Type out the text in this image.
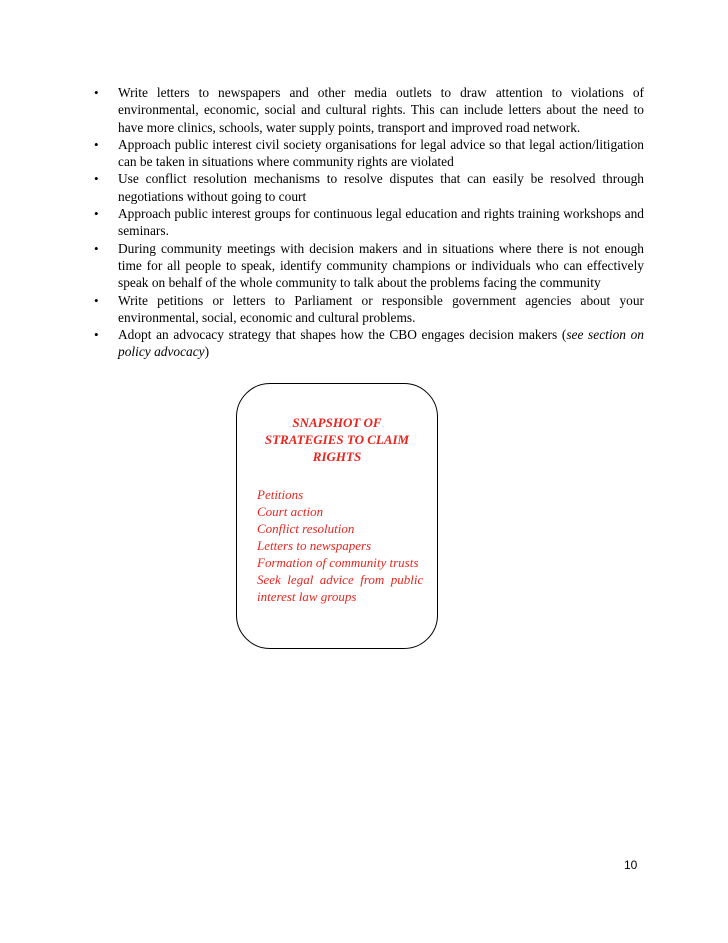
•	Write letters to newspapers and other media outlets to draw attention to violations of environmental, economic, social and cultural rights. This can include letters about the need to have more clinics, schools, water supply points, transport and improved road network.
•	Approach public interest civil society organisations for legal advice so that legal action/litigation can be taken in situations where community rights are violated
•	Use conflict resolution mechanisms to resolve disputes that can easily be resolved through negotiations without going to court
•	Approach public interest groups for continuous legal education and rights training workshops and seminars.
•	During community meetings with decision makers and in situations where there is not enough time for all people to speak, identify community champions or individuals who can effectively speak on behalf of the whole community to talk about the problems facing the community
•	Write petitions or letters to Parliament or responsible government agencies about your environmental, social, economic and cultural problems.
•	Adopt an advocacy strategy that shapes how the CBO engages decision makers (see section on policy advocacy)
SNAPSHOT OF
STRATEGIES TO CLAIM
RIGHTS
Petitions
Court action
Conflict resolution
Letters to newspapers
Formation of community trusts
Seek  legal  advice  from  public
interest law groups
10
